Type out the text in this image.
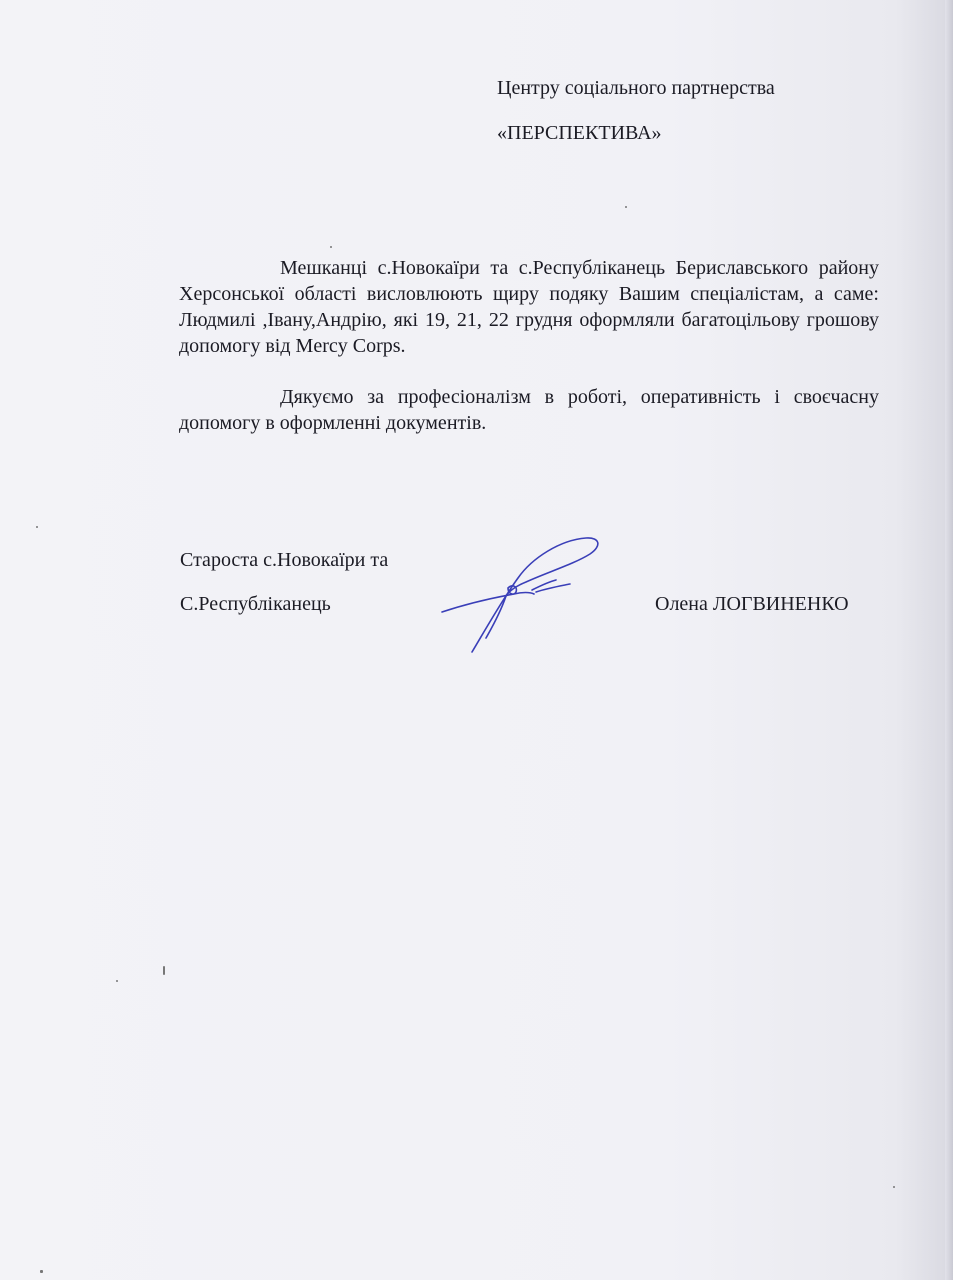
Центру соціального партнерства
«ПЕРСПЕКТИВА»

Мешканці с.Новокаїри та с.Республіканець Бериславського району Херсонської області висловлюють щиру подяку Вашим спеціалістам, а саме: Людмилі ,Івану,Андрію, які 19, 21, 22 грудня оформляли багатоцільову грошову допомогу від Mercy Corps.

Дякуємо за професіоналізм в роботі, оперативність і своєчасну допомогу в оформленні документів.

Староста с.Новокаїри та
С.Республіканець	Олена ЛОГВИНЕНКО
